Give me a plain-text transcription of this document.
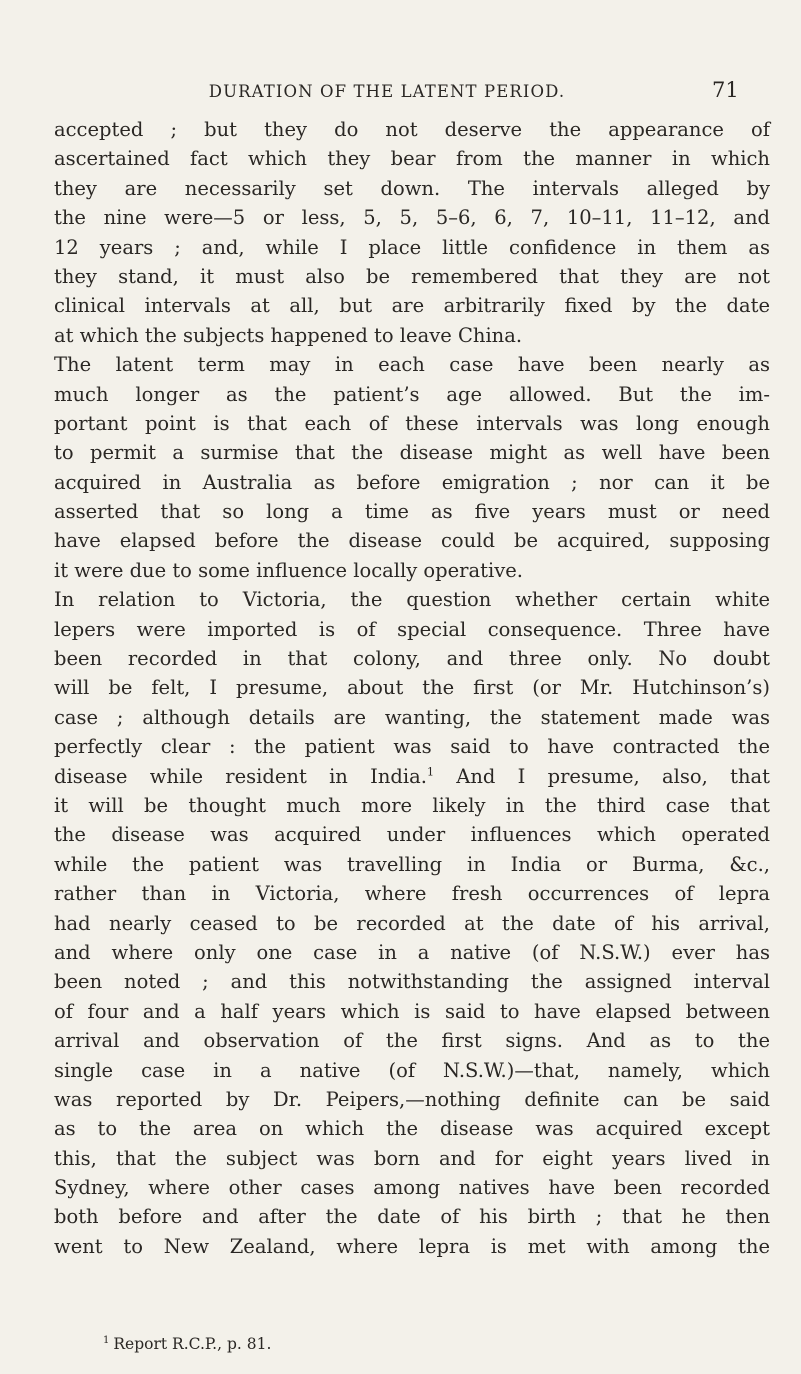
DURATION OF THE LATENT PERIOD.	71
accepted ; but they do not deserve the appearance of
ascertained fact which they bear from the manner in which
they are necessarily set down. The intervals alleged by
the nine were—5 or less, 5, 5, 5–6, 6, 7, 10–11, 11–12, and
12 years ; and, while I place little confidence in them as
they stand, it must also be remembered that they are not
clinical intervals at all, but are arbitrarily fixed by the date
at which the subjects happened to leave China.
The latent term may in each case have been nearly as
much longer as the patient’s age allowed. But the im-
portant point is that each of these intervals was long enough
to permit a surmise that the disease might as well have been
acquired in Australia as before emigration ; nor can it be
asserted that so long a time as five years must or need
have elapsed before the disease could be acquired, supposing
it were due to some influence locally operative.
In relation to Victoria, the question whether certain white
lepers were imported is of special consequence. Three have
been recorded in that colony, and three only. No doubt
will be felt, I presume, about the first (or Mr. Hutchinson’s)
case ; although details are wanting, the statement made was
perfectly clear : the patient was said to have contracted the
disease while resident in India.$^1$ And I presume, also, that
it will be thought much more likely in the third case that
the disease was acquired under influences which operated
while the patient was travelling in India or Burma, &c.,
rather than in Victoria, where fresh occurrences of lepra
had nearly ceased to be recorded at the date of his arrival,
and where only one case in a native (of N.S.W.) ever has
been noted ; and this notwithstanding the assigned interval
of four and a half years which is said to have elapsed between
arrival and observation of the first signs. And as to the
single case in a native (of N.S.W.)—that, namely, which
was reported by Dr. Peipers,—nothing definite can be said
as to the area on which the disease was acquired except
this, that the subject was born and for eight years lived in
Sydney, where other cases among natives have been recorded
both before and after the date of his birth ; that he then
went to New Zealand, where lepra is met with among the
$^1$ Report R.C.P., p. 81.
